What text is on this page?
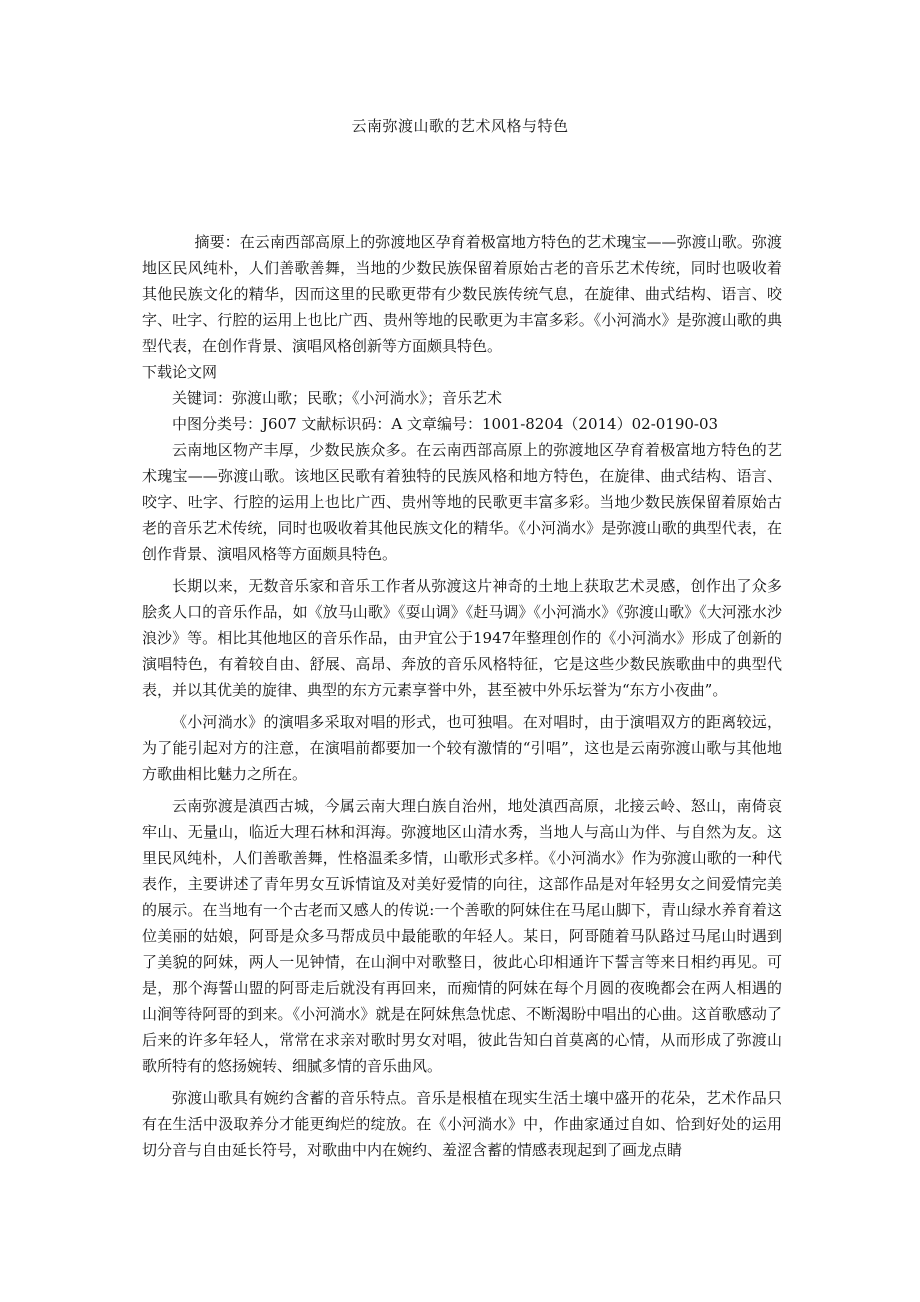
云南弥渡山歌的艺术风格与特色

摘要：在云南西部高原上的弥渡地区孕育着极富地方特色的艺术瑰宝——弥渡山歌。弥渡地区民风纯朴，人们善歌善舞，当地的少数民族保留着原始古老的音乐艺术传统，同时也吸收着其他民族文化的精华，因而这里的民歌更带有少数民族传统气息，在旋律、曲式结构、语言、咬字、吐字、行腔的运用上也比广西、贵州等地的民歌更为丰富多彩。《小河淌水》是弥渡山歌的典型代表，在创作背景、演唱风格创新等方面颇具特色。

下载论文网

关键词：弥渡山歌；民歌；《小河淌水》；音乐艺术

中图分类号：J607 文献标识码：A 文章编号：1001-8204（2014）02-0190-03

云南地区物产丰厚，少数民族众多。在云南西部高原上的弥渡地区孕育着极富地方特色的艺术瑰宝——弥渡山歌。该地区民歌有着独特的民族风格和地方特色，在旋律、曲式结构、语言、咬字、吐字、行腔的运用上也比广西、贵州等地的民歌更丰富多彩。当地少数民族保留着原始古老的音乐艺术传统，同时也吸收着其他民族文化的精华。《小河淌水》是弥渡山歌的典型代表，在创作背景、演唱风格等方面颇具特色。

长期以来，无数音乐家和音乐工作者从弥渡这片神奇的土地上获取艺术灵感，创作出了众多脍炙人口的音乐作品，如《放马山歌》《耍山调》《赶马调》《小河淌水》《弥渡山歌》《大河涨水沙浪沙》等。相比其他地区的音乐作品，由尹宜公于1947年整理创作的《小河淌水》形成了创新的演唱特色，有着较自由、舒展、高昂、奔放的音乐风格特征，它是这些少数民族歌曲中的典型代表，并以其优美的旋律、典型的东方元素享誉中外，甚至被中外乐坛誉为“东方小夜曲”。

《小河淌水》的演唱多采取对唱的形式，也可独唱。在对唱时，由于演唱双方的距离较远，为了能引起对方的注意，在演唱前都要加一个较有激情的“引唱”，这也是云南弥渡山歌与其他地方歌曲相比魅力之所在。

云南弥渡是滇西古城，今属云南大理白族自治州，地处滇西高原，北接云岭、怒山，南倚哀牢山、无量山，临近大理石林和洱海。弥渡地区山清水秀，当地人与高山为伴、与自然为友。这里民风纯朴，人们善歌善舞，性格温柔多情，山歌形式多样。《小河淌水》作为弥渡山歌的一种代表作，主要讲述了青年男女互诉情谊及对美好爱情的向往，这部作品是对年轻男女之间爱情完美的展示。在当地有一个古老而又感人的传说:一个善歌的阿妹住在马尾山脚下，青山绿水养育着这位美丽的姑娘，阿哥是众多马帮成员中最能歌的年轻人。某日，阿哥随着马队路过马尾山时遇到了美貌的阿妹，两人一见钟情，在山涧中对歌整日，彼此心印相通许下誓言等来日相约再见。可是，那个海誓山盟的阿哥走后就没有再回来，而痴情的阿妹在每个月圆的夜晚都会在两人相遇的山涧等待阿哥的到来。《小河淌水》就是在阿妹焦急忧虑、不断渴盼中唱出的心曲。这首歌感动了后来的许多年轻人，常常在求亲对歌时男女对唱，彼此告知白首莫离的心情，从而形成了弥渡山歌所特有的悠扬婉转、细腻多情的音乐曲风。

弥渡山歌具有婉约含蓄的音乐特点。音乐是根植在现实生活土壤中盛开的花朵，艺术作品只有在生活中汲取养分才能更绚烂的绽放。在《小河淌水》中，作曲家通过自如、恰到好处的运用切分音与自由延长符号，对歌曲中内在婉约、羞涩含蓄的情感表现起到了画龙点睛
